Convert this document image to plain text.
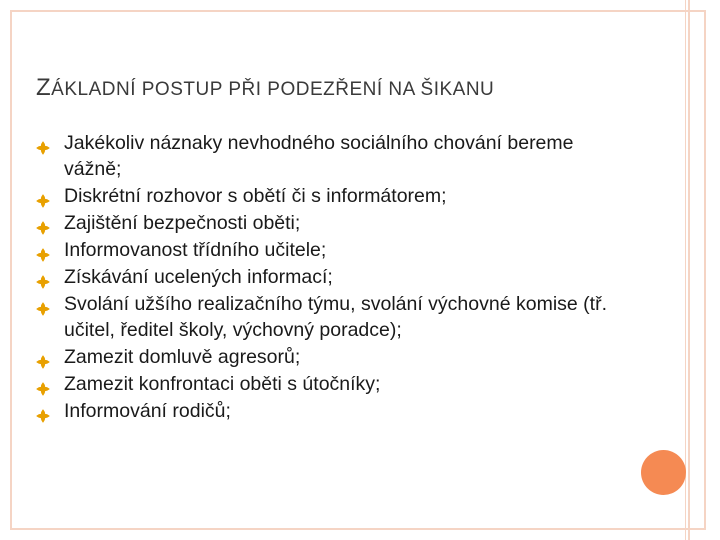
ZÁKLADNÍ POSTUP PŘI PODEZŘENÍ NA ŠIKANU
Jakékoliv náznaky nevhodného sociálního chování bereme vážně;
Diskrétní rozhovor s obětí či s informátorem;
Zajištění bezpečnosti oběti;
Informovanost třídního učitele;
Získávání ucelených informací;
Svolání užšího realizačního týmu, svolání výchovné komise (tř. učitel, ředitel školy, výchovný poradce);
Zamezit domluvě agresorů;
Zamezit konfrontaci oběti s útočníky;
Informování rodičů;
